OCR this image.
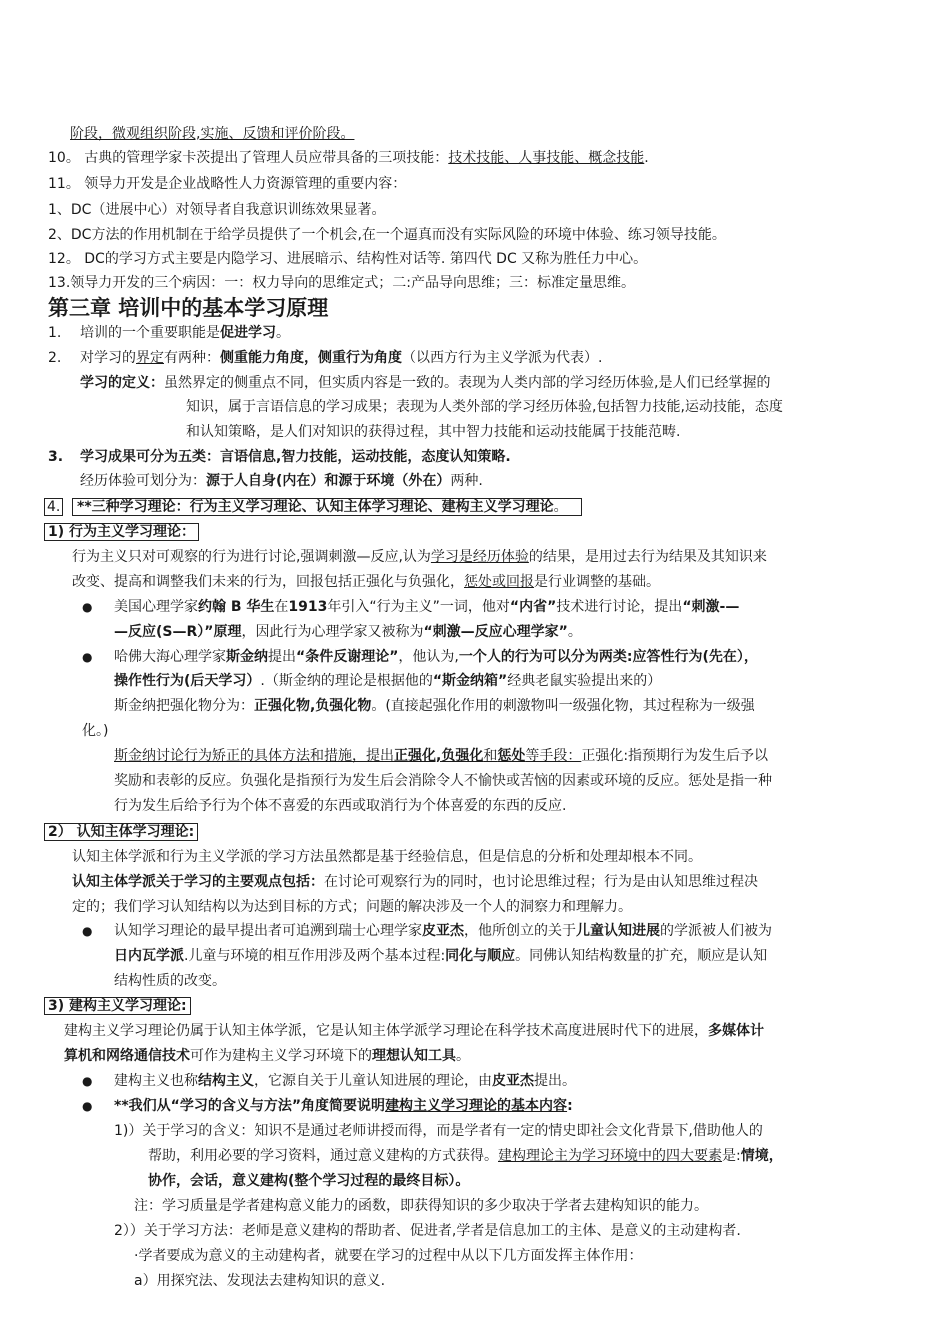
阶段，微观组织阶段,实施、反馈和评价阶段。
10。 古典的管理学家卡茨提出了管理人员应带具备的三项技能：技术技能、人事技能、概念技能.
11。 领导力开发是企业战略性人力资源管理的重要内容：
1、DC（进展中心）对领导者自我意识训练效果显著。
2、DC方法的作用机制在于给学员提供了一个机会,在一个逼真而没有实际风险的环境中体验、练习领导技能。
12。 DC的学习方式主要是内隐学习、进展暗示、结构性对话等. 第四代 DC 又称为胜任力中心。
13.领导力开发的三个病因：一：权力导向的思维定式；二:产品导向思维；三：标准定量思维。
第三章 培训中的基本学习原理
1. 培训的一个重要职能是促进学习。
2. 对学习的界定有两种：侧重能力角度，侧重行为角度（以西方行为主义学派为代表）.
学习的定义：虽然界定的侧重点不同，但实质内容是一致的。表现为人类内部的学习经历体验,是人们已经掌握的
知识，属于言语信息的学习成果；表现为人类外部的学习经历体验,包括智力技能,运动技能，态度
和认知策略，是人们对知识的获得过程，其中智力技能和运动技能属于技能范畴.
3. 学习成果可分为五类：言语信息,智力技能，运动技能，态度认知策略.
经历体验可划分为：源于人自身(内在）和源于环境（外在）两种.
4.	**三种学习理论：行为主义学习理论、认知主体学习理论、建构主义学习理论。
1) 行为主义学习理论：
行为主义只对可观察的行为进行讨论,强调刺激—反应,认为学习是经历体验的结果，是用过去行为结果及其知识来
改变、提高和调整我们未来的行为，回报包括正强化与负强化，惩处或回报是行业调整的基础。
● 美国心理学家约翰 B 华生在1913年引入“行为主义”一词，他对“内省”技术进行讨论，提出“刺激-—
—反应(S—R）”原理，因此行为心理学家又被称为“刺激—反应心理学家”。
● 哈佛大海心理学家斯金纳提出“条件反谢理论”，他认为,一个人的行为可以分为两类:应答性行为(先在），
操作性行为(后天学习）.（斯金纳的理论是根据他的“斯金纳箱”经典老鼠实验提出来的）
斯金纳把强化物分为：正强化物,负强化物。(直接起强化作用的刺激物叫一级强化物，其过程称为一级强
化。)
斯金纳讨论行为矫正的具体方法和措施，提出正强化,负强化和惩处等手段：正强化:指预期行为发生后予以
奖励和表彰的反应。负强化是指预行为发生后会消除令人不愉快或苦恼的因素或环境的反应。惩处是指一种
行为发生后给予行为个体不喜爱的东西或取消行为个体喜爱的东西的反应.
2） 认知主体学习理论:
认知主体学派和行为主义学派的学习方法虽然都是基于经验信息，但是信息的分析和处理却根本不同。
认知主体学派关于学习的主要观点包括：在讨论可观察行为的同时，也讨论思维过程；行为是由认知思维过程决
定的；我们学习认知结构以为达到目标的方式；问题的解决涉及一个人的洞察力和理解力。
● 认知学习理论的最早提出者可追溯到瑞士心理学家皮亚杰，他所创立的关于儿童认知进展的学派被人们被为
日内瓦学派.儿童与环境的相互作用涉及两个基本过程:同化与顺应。同佛认知结构数量的扩充，顺应是认知
结构性质的改变。
3) 建构主义学习理论:
建构主义学习理论仍属于认知主体学派，它是认知主体学派学习理论在科学技术高度进展时代下的进展，多媒体计
算机和网络通信技术可作为建构主义学习环境下的理想认知工具。
● 建构主义也称结构主义，它源自关于儿童认知进展的理论，由皮亚杰提出。
● **我们从“学习的含义与方法”角度简要说明建构主义学习理论的基本内容:
1)）关于学习的含义：知识不是通过老师讲授而得，而是学者有一定的情史即社会文化背景下,借助他人的
帮助，利用必要的学习资料，通过意义建构的方式获得。建构理论主为学习环境中的四大要素是:情境，
协作，会话，意义建构(整个学习过程的最终目标）。
注：学习质量是学者建构意义能力的函数，即获得知识的多少取决于学者去建构知识的能力。
2））关于学习方法：老师是意义建构的帮助者、促进者,学者是信息加工的主体、是意义的主动建构者.
·学者要成为意义的主动建构者，就要在学习的过程中从以下几方面发挥主体作用：
a）用探究法、发现法去建构知识的意义.
